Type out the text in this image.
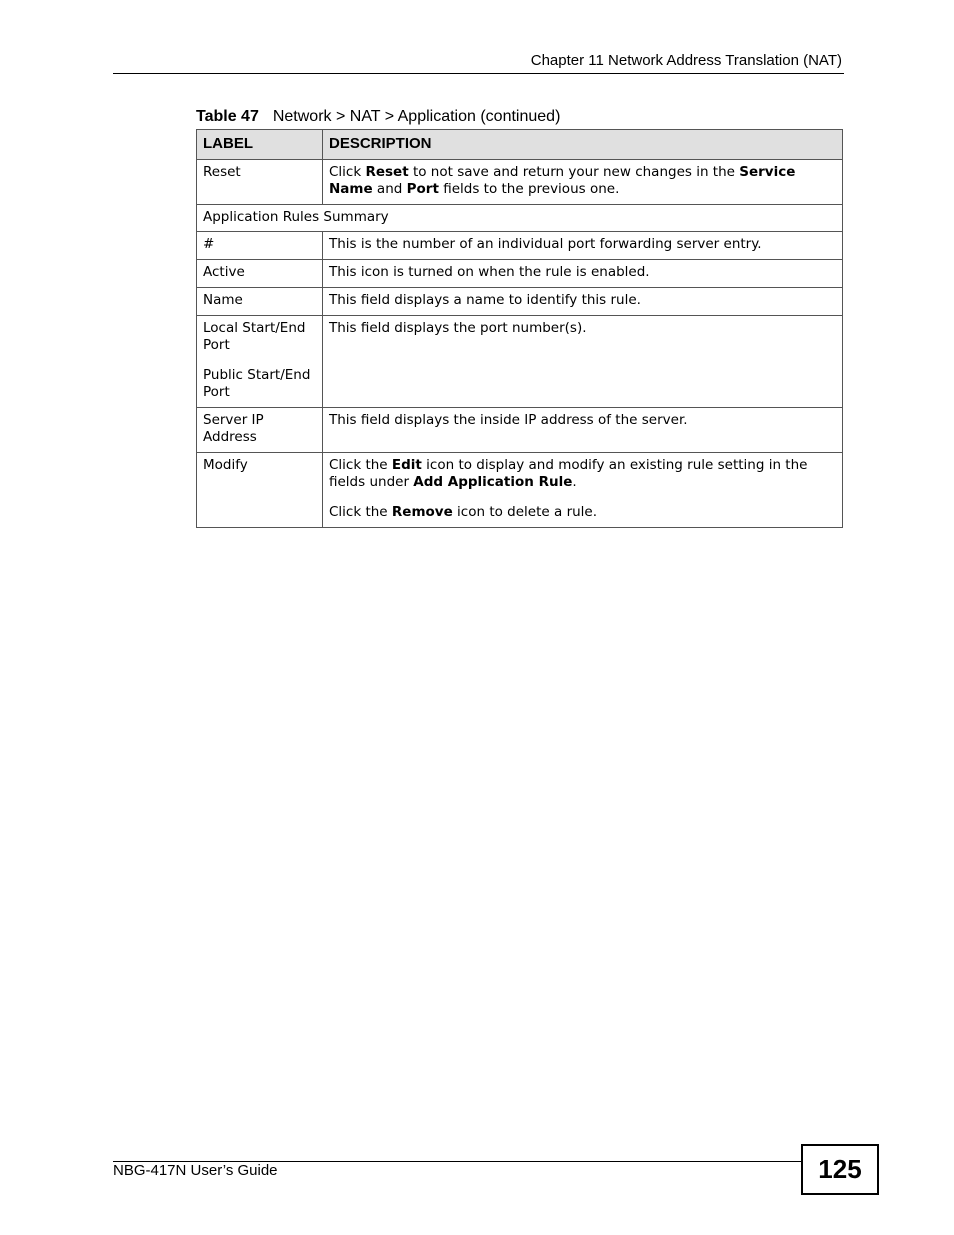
Chapter 11 Network Address Translation (NAT)
Table 47 Network > NAT > Application (continued)
LABEL	DESCRIPTION
Reset	Click Reset to not save and return your new changes in the Service Name and Port fields to the previous one.
Application Rules Summary	
#	This is the number of an individual port forwarding server entry.
Active	This icon is turned on when the rule is enabled.
Name	This field displays a name to identify this rule.

Local Start/End Port
Public Start/End Port	This field displays the port number(s).
Server IP Address	This field displays the inside IP address of the server.
Modify	Click the Edit icon to display and modify an existing rule setting in the fields under Add Application Rule.
Click the Remove icon to delete a rule.
NBG-417N User’s Guide	125
